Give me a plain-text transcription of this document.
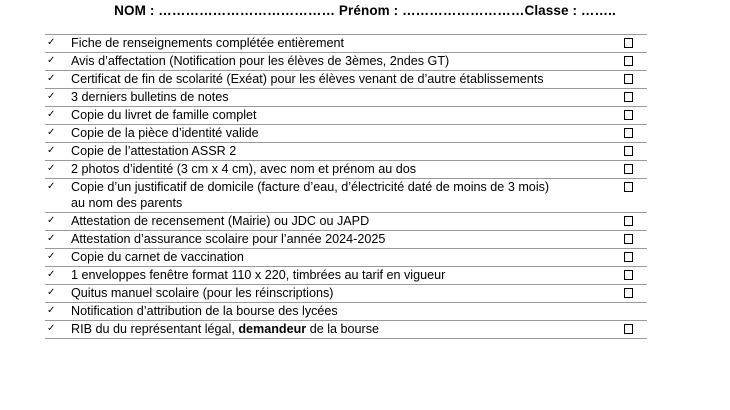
NOM : ………………………………… Prénom : ………………………Classe : ……..
✓	Fiche de renseignements complétée entièrement
✓	Avis d’affectation (Notification pour les élèves de 3èmes, 2ndes GT)
✓	Certificat de fin de scolarité (Exéat) pour les élèves venant de d’autre établissements
✓	3 derniers bulletins de notes
✓	Copie du livret de famille complet
✓	Copie de la pièce d’identité valide
✓	Copie de l’attestation ASSR 2
✓	2 photos d’identité (3 cm x 4 cm), avec nom et prénom au dos
✓	Copie d’un justificatif de domicile (facture d’eau, d’électricité daté de moins de 3 mois)
au nom des parents
✓	Attestation de recensement (Mairie) ou JDC ou JAPD
✓	Attestation d’assurance scolaire pour l’année 2024-2025
✓	Copie du carnet de vaccination
✓	1 enveloppes fenêtre format 110 x 220, timbrées au tarif en vigueur
✓	Quitus manuel scolaire (pour les réinscriptions)
✓	Notification d’attribution de la bourse des lycées
✓	RIB du du représentant légal, demandeur de la bourse
